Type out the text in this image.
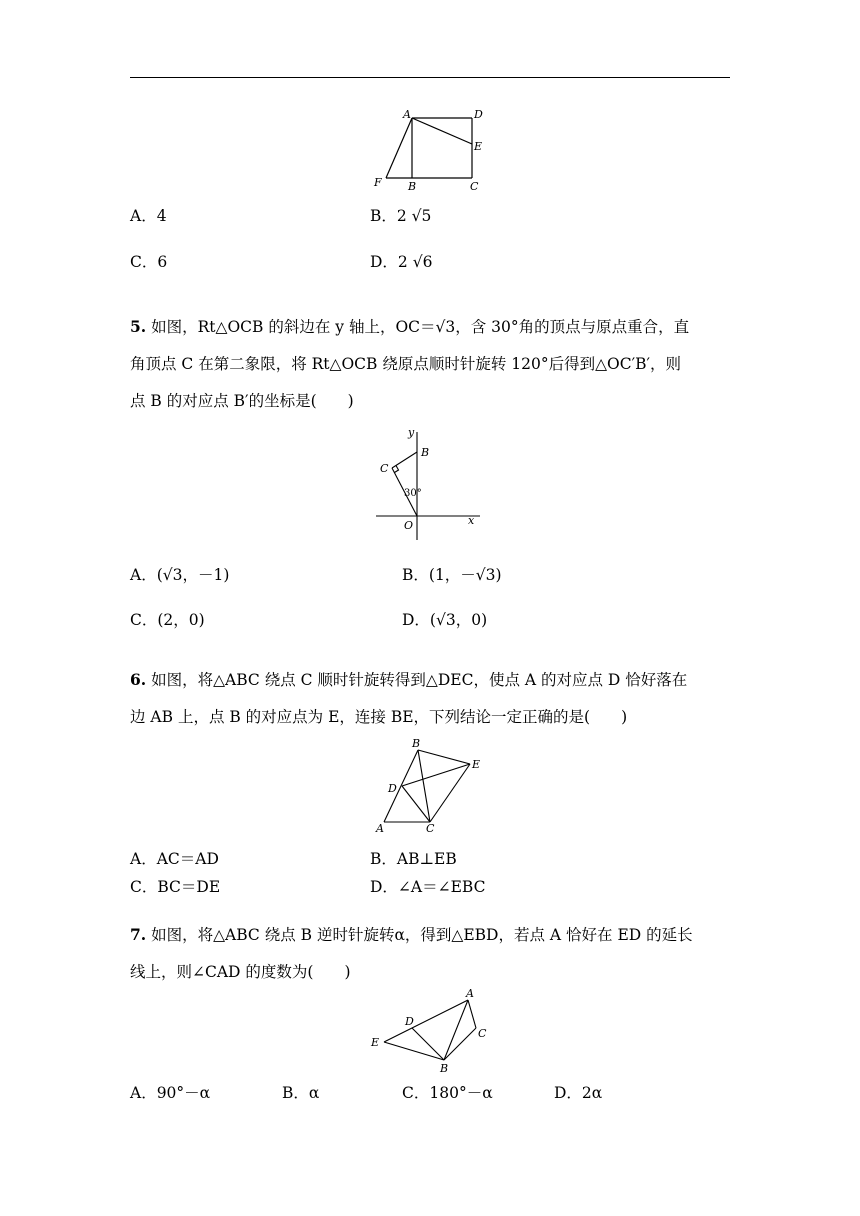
A	D
E
F B	C
A．4	B．2 √5
C．6	D．2 √6
5. 如图，Rt△OCB 的斜边在 y 轴上，OC＝√3，含 30°角的顶点与原点重合，直
角顶点 C 在第二象限，将 Rt△OCB 绕原点顺时针旋转 120°后得到△OC′B′，则
点 B 的对应点 B′的坐标是(　　)
y
B
C
30°
O	x
A．(√3，－1)	B．(1，－√3)
C．(2，0)	D．(√3，0)
6. 如图，将△ABC 绕点 C 顺时针旋转得到△DEC，使点 A 的对应点 D 恰好落在
边 AB 上，点 B 的对应点为 E，连接 BE，下列结论一定正确的是(　　)
B
E
D
A	C
A．AC＝AD	B．AB⊥EB
C．BC＝DE	D．∠A＝∠EBC
7. 如图，将△ABC 绕点 B 逆时针旋转α，得到△EBD，若点 A 恰好在 ED 的延长
线上，则∠CAD 的度数为(　　)
A
D
C
E
B
A．90°－α	B．α	C．180°－α	D．2α
